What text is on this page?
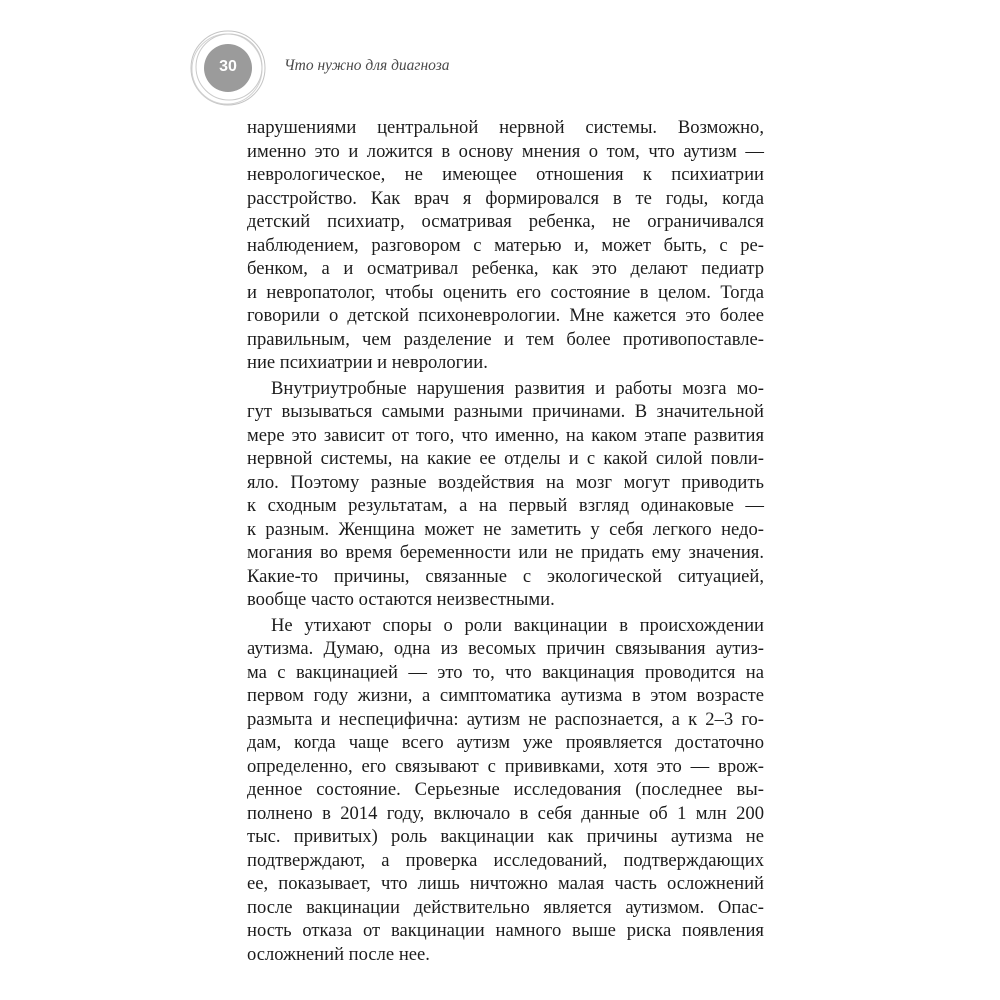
30	Что нужно для диагноза
нарушениями центральной нервной системы. Возможно,
именно это и ложится в основу мнения о том, что аутизм —
неврологическое, не имеющее отношения к психиатрии
расстройство. Как врач я формировался в те годы, когда
детский психиатр, осматривая ребенка, не ограничивался
наблюдением, разговором с матерью и, может быть, с ре-
бенком, а и осматривал ребенка, как это делают педиатр
и невропатолог, чтобы оценить его состояние в целом. Тогда
говорили о детской психоневрологии. Мне кажется это более
правильным, чем разделение и тем более противопоставле-
ние психиатрии и неврологии.
Внутриутробные нарушения развития и работы мозга мо-
гут вызываться самыми разными причинами. В значительной
мере это зависит от того, что именно, на каком этапе развития
нервной системы, на какие ее отделы и с какой силой повли-
яло. Поэтому разные воздействия на мозг могут приводить
к сходным результатам, а на первый взгляд одинаковые —
к разным. Женщина может не заметить у себя легкого недо-
могания во время беременности или не придать ему значения.
Какие-то причины, связанные с экологической ситуацией,
вообще часто остаются неизвестными.
Не утихают споры о роли вакцинации в происхождении
аутизма. Думаю, одна из весомых причин связывания аутиз-
ма с вакцинацией — это то, что вакцинация проводится на
первом году жизни, а симптоматика аутизма в этом возрасте
размыта и неспецифична: аутизм не распознается, а к 2–3 го-
дам, когда чаще всего аутизм уже проявляется достаточно
определенно, его связывают с прививками, хотя это — врож-
денное состояние. Серьезные исследования (последнее вы-
полнено в 2014 году, включало в себя данные об 1 млн 200
тыс. привитых) роль вакцинации как причины аутизма не
подтверждают, а проверка исследований, подтверждающих
ее, показывает, что лишь ничтожно малая часть осложнений
после вакцинации действительно является аутизмом. Опас-
ность отказа от вакцинации намного выше риска появления
осложнений после нее.
